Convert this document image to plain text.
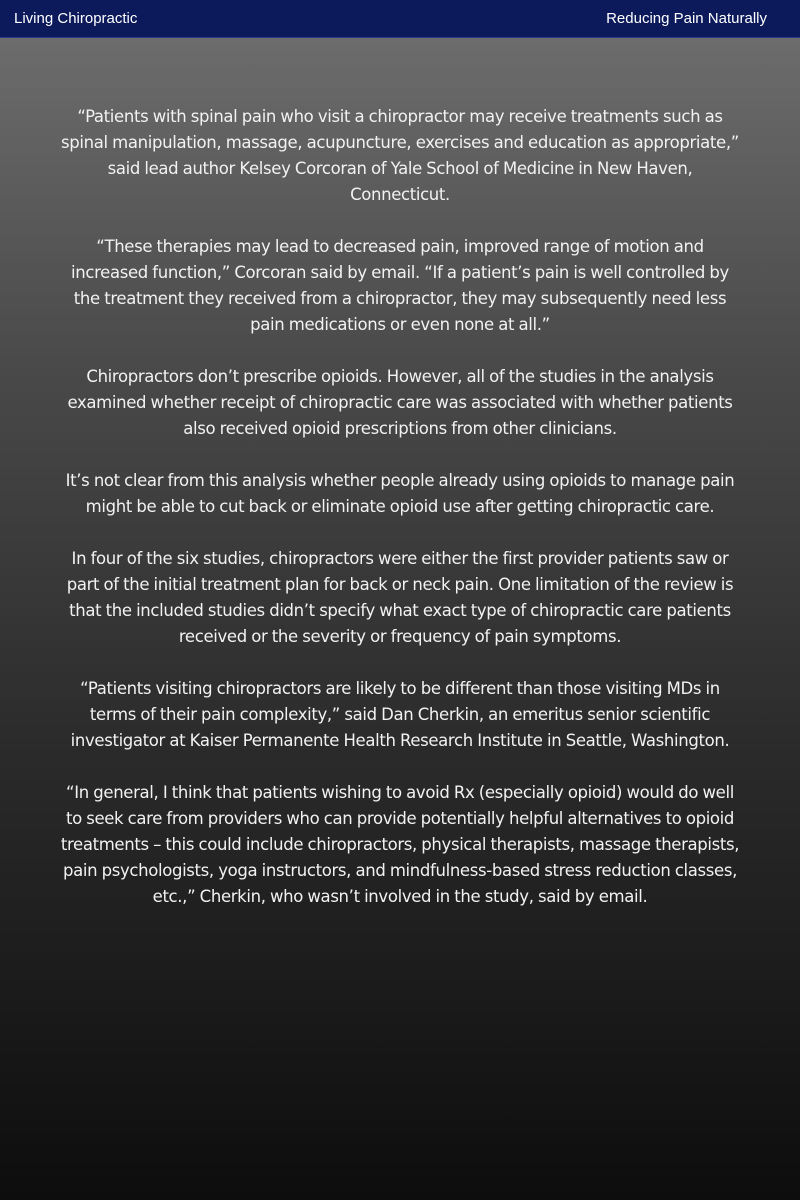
Living Chiropractic	Reducing Pain Naturally

“Patients with spinal pain who visit a chiropractor may receive treatments such as spinal manipulation, massage, acupuncture, exercises and education as appropriate,” said lead author Kelsey Corcoran of Yale School of Medicine in New Haven, Connecticut.

“These therapies may lead to decreased pain, improved range of motion and increased function,” Corcoran said by email. “If a patient’s pain is well controlled by the treatment they received from a chiropractor, they may subsequently need less pain medications or even none at all.”

Chiropractors don’t prescribe opioids. However, all of the studies in the analysis examined whether receipt of chiropractic care was associated with whether patients also received opioid prescriptions from other clinicians.

It’s not clear from this analysis whether people already using opioids to manage pain might be able to cut back or eliminate opioid use after getting chiropractic care.

In four of the six studies, chiropractors were either the first provider patients saw or part of the initial treatment plan for back or neck pain. One limitation of the review is that the included studies didn’t specify what exact type of chiropractic care patients received or the severity or frequency of pain symptoms.

“Patients visiting chiropractors are likely to be different than those visiting MDs in terms of their pain complexity,” said Dan Cherkin, an emeritus senior scientific investigator at Kaiser Permanente Health Research Institute in Seattle, Washington.

“In general, I think that patients wishing to avoid Rx (especially opioid) would do well to seek care from providers who can provide potentially helpful alternatives to opioid treatments – this could include chiropractors, physical therapists, massage therapists, pain psychologists, yoga instructors, and mindfulness-based stress reduction classes, etc.,” Cherkin, who wasn’t involved in the study, said by email.
